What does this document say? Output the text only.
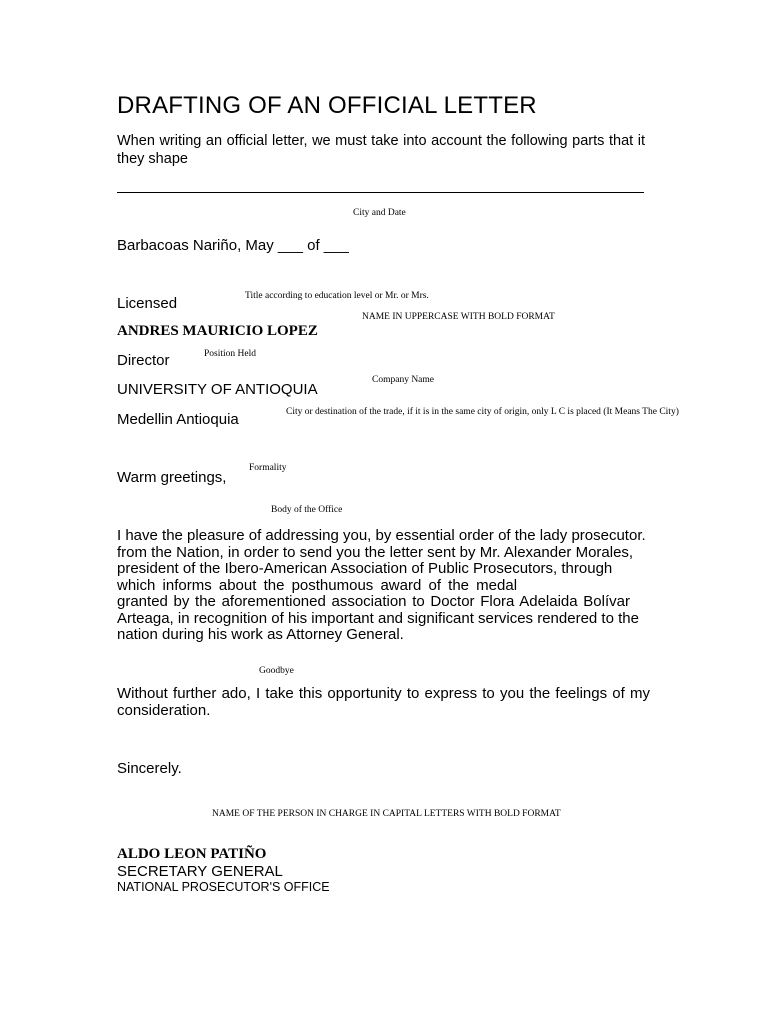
DRAFTING OF AN OFFICIAL LETTER

When writing an official letter, we must take into account the following parts that it they shape

City and Date
Barbacoas Nariño, May ___ of ___
Title according to education level or Mr. or Mrs.
Licensed
NAME IN UPPERCASE WITH BOLD FORMAT
ANDRES MAURICIO LOPEZ
Position Held
Director
Company Name
UNIVERSITY OF ANTIOQUIA
City or destination of the trade, if it is in the same city of origin, only L C is placed (It Means The City)
Medellin Antioquia
Formality
Warm greetings,
Body of the Office
I have the pleasure of addressing you, by essential order of the lady prosecutor.
from the Nation, in order to send you the letter sent by Mr. Alexander Morales,
president of the Ibero-American Association of Public Prosecutors, through
which informs about the posthumous award of the medal
granted by the aforementioned association to Doctor Flora Adelaida Bolívar
Arteaga, in recognition of his important and significant services rendered to the
nation during his work as Attorney General.
Goodbye

Without further ado, I take this opportunity to express to you the feelings of my consideration.

Sincerely.
NAME OF THE PERSON IN CHARGE IN CAPITAL LETTERS WITH BOLD FORMAT
ALDO LEON PATIÑO
SECRETARY GENERAL
NATIONAL PROSECUTOR'S OFFICE
